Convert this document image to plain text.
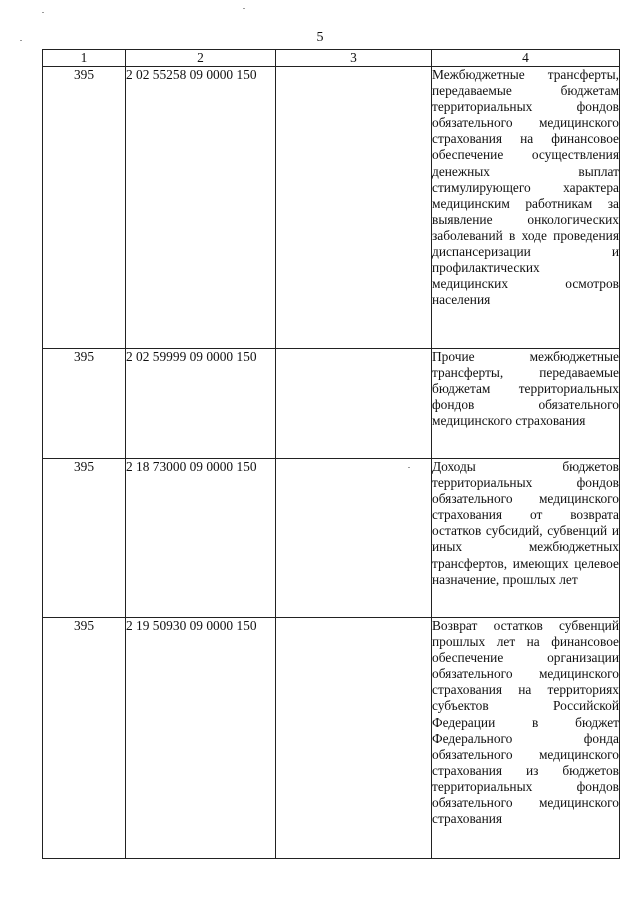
5
1	2	3	4
395	2 02 55258 09 0000 150		Межбюджетные трансферты, передаваемые бюджетам территориальных фондов обязательного медицинского страхования на финансовое обеспечение осуществления денежных выплат стимулирующего характера медицинским работникам за выявление онкологических заболеваний в ходе проведения диспансеризации и профилактических медицинских осмотров населения
395	2 02 59999 09 0000 150		Прочие межбюджетные трансферты, передаваемые бюджетам территориальных фондов обязательного медицинского страхования
395	2 18 73000 09 0000 150		Доходы бюджетов территориальных фондов обязательного медицинского страхования от возврата остатков субсидий, субвенций и иных межбюджетных трансфертов, имеющих целевое назначение, прошлых лет
395	2 19 50930 09 0000 150		Возврат остатков субвенций прошлых лет на финансовое обеспечение организации обязательного медицинского страхования на территориях субъектов Российской Федерации в бюджет Федерального фонда обязательного медицинского страхования из бюджетов территориальных фондов обязательного медицинского страхования
